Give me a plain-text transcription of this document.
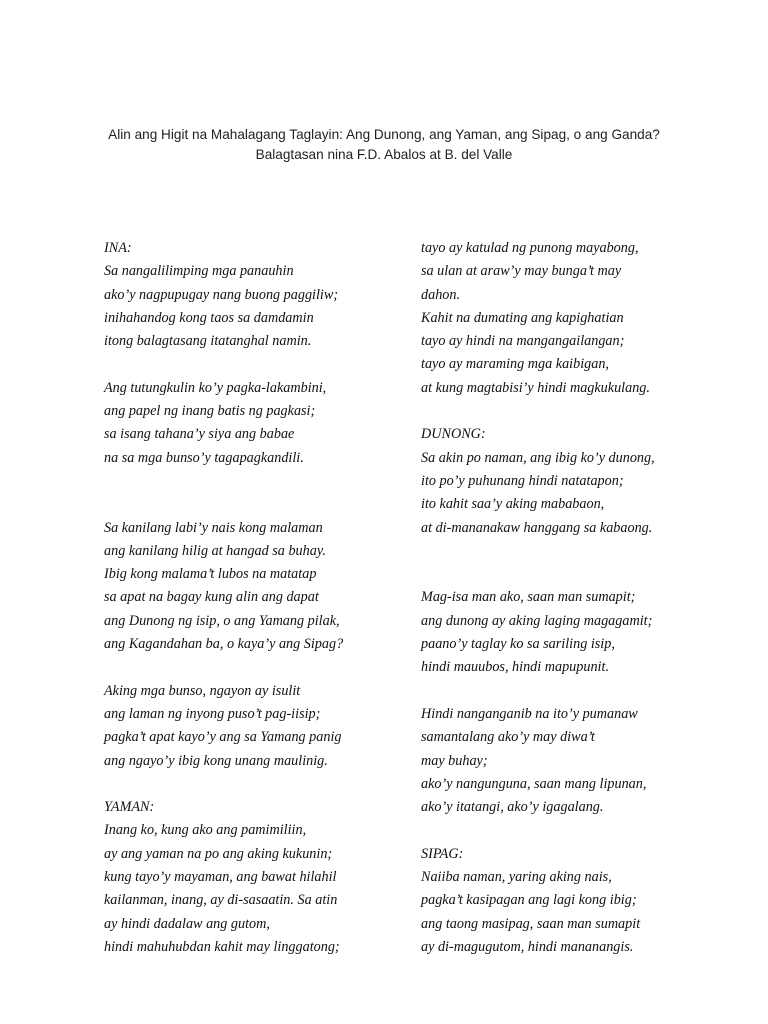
Alin ang Higit na Mahalagang Taglayin: Ang Dunong, ang Yaman, ang Sipag, o ang Ganda?
Balagtasan nina F.D. Abalos at B. del Valle
INA:
Sa nangalilimping mga panauhin
ako’y nagpupugay nang buong paggiliw;
inihahandog kong taos sa damdamin
itong balagtasang itatanghal namin.
Ang tutungkulin ko’y pagka-lakambini,
ang papel ng inang batis ng pagkasi;
sa isang tahana’y siya ang babae
na sa mga bunso’y tagapagkandili.
Sa kanilang labi’y nais kong malaman
ang kanilang hilig at hangad sa buhay.
Ibig kong malama’t lubos na matatap
sa apat na bagay kung alin ang dapat
ang Dunong ng isip, o ang Yamang pilak,
ang Kagandahan ba, o kaya’y ang Sipag?
Aking mga bunso, ngayon ay isulit
ang laman ng inyong puso’t pag-iisip;
pagka’t apat kayo’y ang sa Yamang panig
ang ngayo’y ibig kong unang maulinig.
YAMAN:
Inang ko, kung ako ang pamimiliin,
ay ang yaman na po ang aking kukunin;
kung tayo’y mayaman, ang bawat hilahil
kailanman, inang, ay di-sasaatin. Sa atin
ay hindi dadalaw ang gutom,
hindi mahuhubdan kahit may linggatong;
tayo ay katulad ng punong mayabong,
sa ulan at araw’y may bunga’t may
dahon.
Kahit na dumating ang kapighatian
tayo ay hindi na mangangailangan;
tayo ay maraming mga kaibigan,
at kung magtabisi’y hindi magkukulang.
DUNONG:
Sa akin po naman, ang ibig ko’y dunong,
ito po’y puhunang hindi natatapon;
ito kahit saa’y aking mababaon,
at di-mananakaw hanggang sa kabaong.
Mag-isa man ako, saan man sumapit;
ang dunong ay aking laging magagamit;
paano’y taglay ko sa sariling isip,
hindi mauubos, hindi mapupunit.
Hindi nanganganib na ito’y pumanaw
samantalang ako’y may diwa’t
may buhay;
ako’y nangunguna, saan mang lipunan,
ako’y itatangi, ako’y igagalang.
SIPAG:
Naiiba naman, yaring aking nais,
pagka’t kasipagan ang lagi kong ibig;
ang taong masipag, saan man sumapit
ay di-magugutom, hindi mananangis.
